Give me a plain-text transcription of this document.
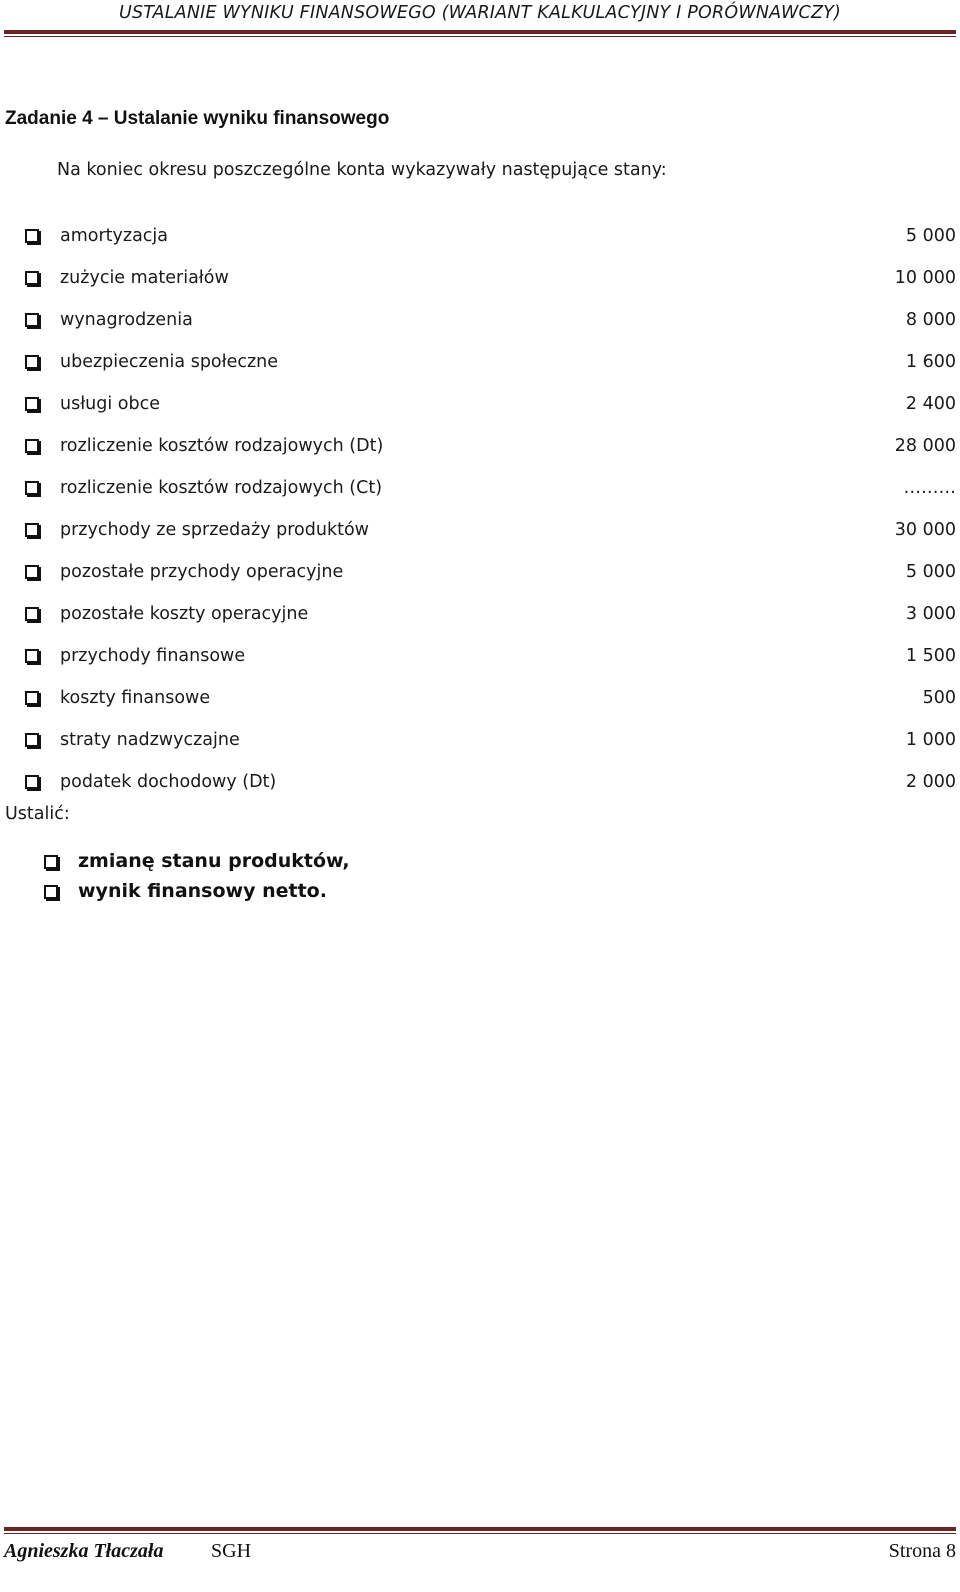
USTALANIE WYNIKU FINANSOWEGO (WARIANT KALKULACYJNY I PORÓWNAWCZY)
Zadanie 4 – Ustalanie wyniku finansowego
Na koniec okresu poszczególne konta wykazywały następujące stany:
amortyzacja	5 000
zużycie materiałów	10 000
wynagrodzenia	8 000
ubezpieczenia społeczne	1 600
usługi obce	2 400
rozliczenie kosztów rodzajowych (Dt)	28 000
rozliczenie kosztów rodzajowych (Ct)	………
przychody ze sprzedaży produktów	30 000
pozostałe przychody operacyjne	5 000
pozostałe koszty operacyjne	3 000
przychody finansowe	1 500
koszty finansowe	500
straty nadzwyczajne	1 000
podatek dochodowy (Dt)	2 000
Ustalić:
zmianę stanu produktów,
wynik finansowy netto.
Agnieszka Tłaczała SGH	Strona 8
